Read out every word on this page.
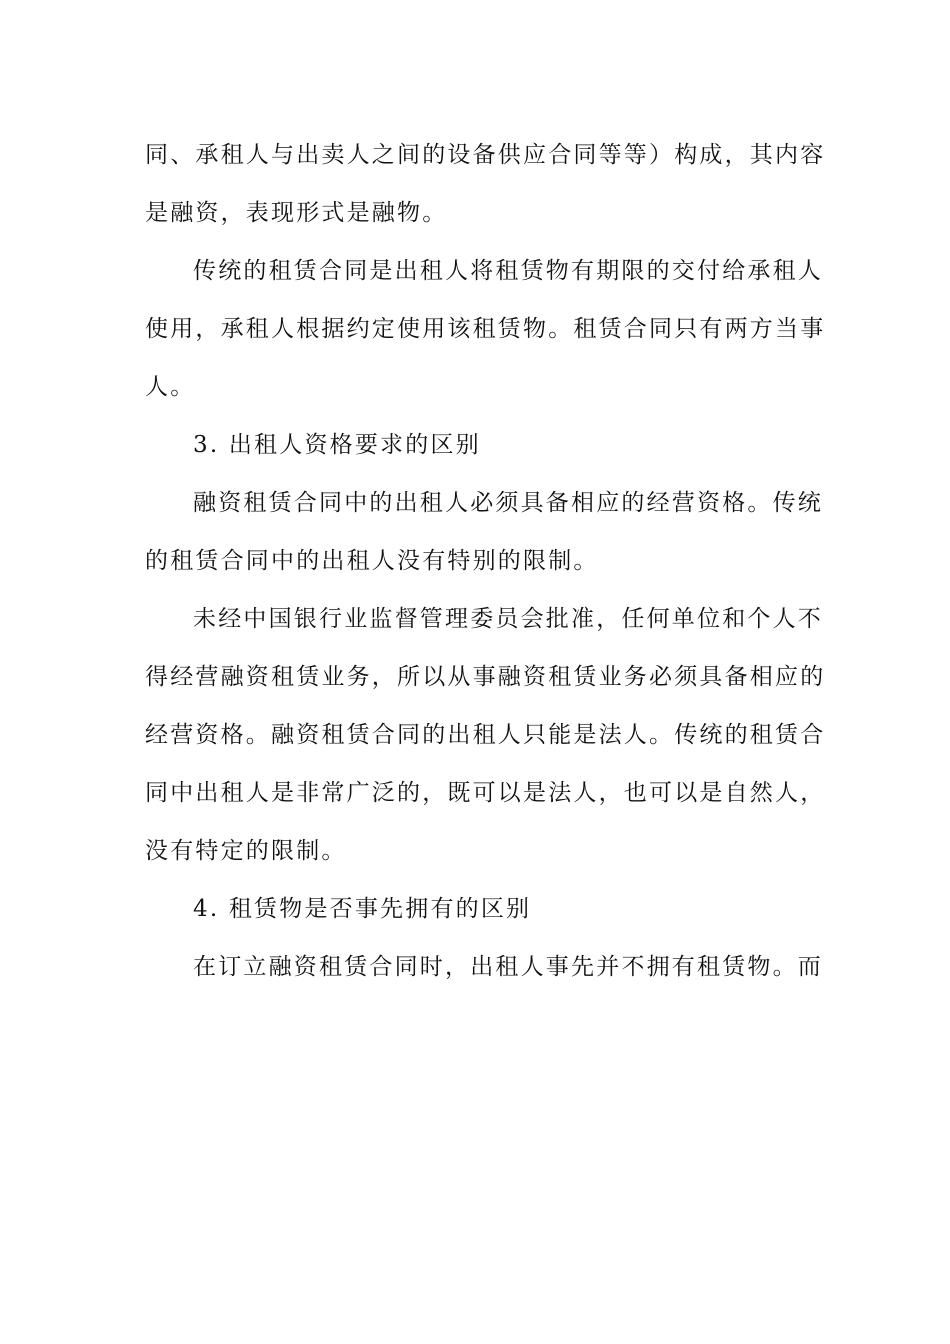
同、承租人与出卖人之间的设备供应合同等等）构成，其内容
是融资，表现形式是融物。
传统的租赁合同是出租人将租赁物有期限的交付给承租人
使用，承租人根据约定使用该租赁物。租赁合同只有两方当事
人。
3. 出租人资格要求的区别
融资租赁合同中的出租人必须具备相应的经营资格。传统
的租赁合同中的出租人没有特别的限制。
未经中国银行业监督管理委员会批准，任何单位和个人不
得经营融资租赁业务，所以从事融资租赁业务必须具备相应的
经营资格。融资租赁合同的出租人只能是法人。传统的租赁合
同中出租人是非常广泛的，既可以是法人，也可以是自然人，
没有特定的限制。
4. 租赁物是否事先拥有的区别
在订立融资租赁合同时，出租人事先并不拥有租赁物。而
